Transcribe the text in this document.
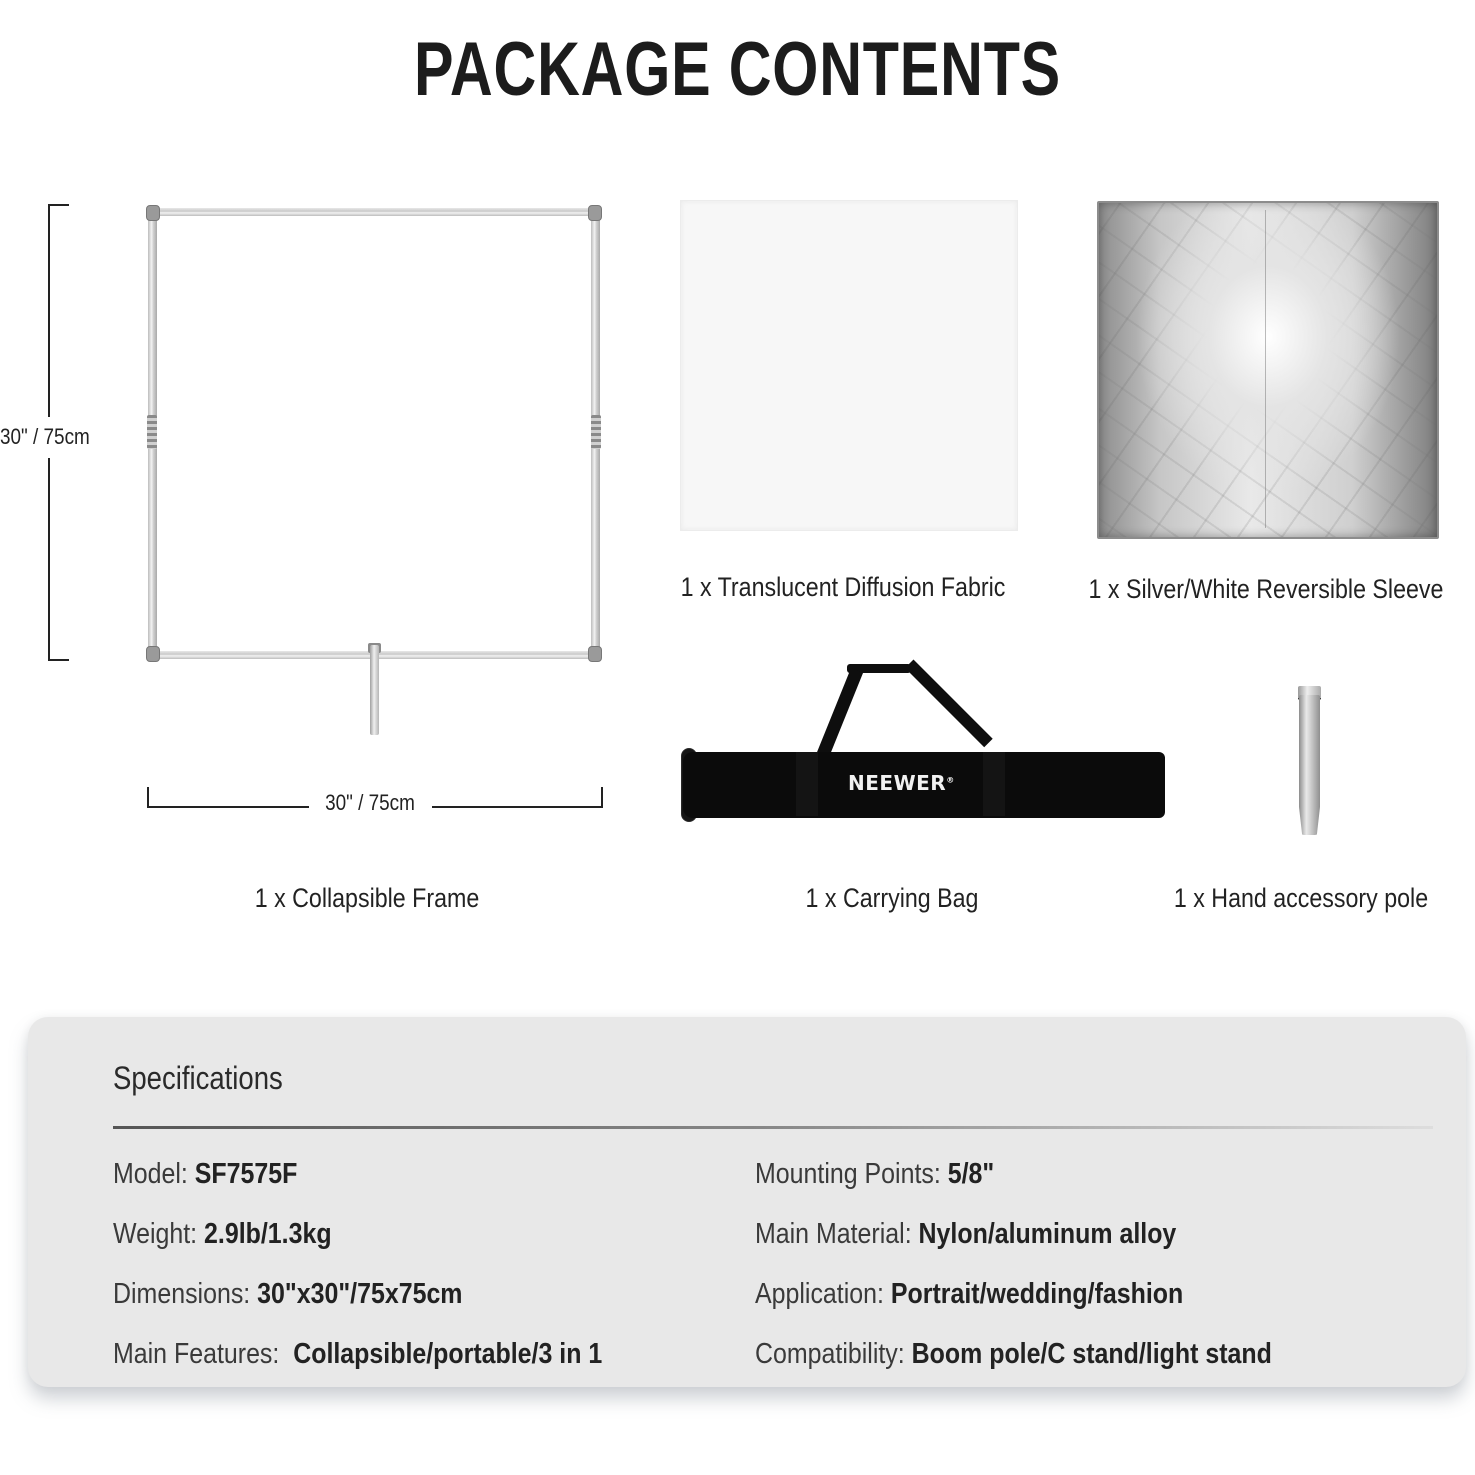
PACKAGE CONTENTS
30" / 75cm
30" / 75cm
1 x Collapsible Frame
1 x Translucent Diffusion Fabric	1 x Silver/White Reversible Sleeve
NEEWER®
1 x Carrying Bag	1 x Hand accessory pole
Specifications
Model: SF7575F
Weight: 2.9lb/1.3kg
Dimensions: 30"x30"/75x75cm
Main Features:  Collapsible/portable/3 in 1
Mounting Points: 5/8"
Main Material: Nylon/aluminum alloy
Application: Portrait/wedding/fashion
Compatibility: Boom pole/C stand/light stand
